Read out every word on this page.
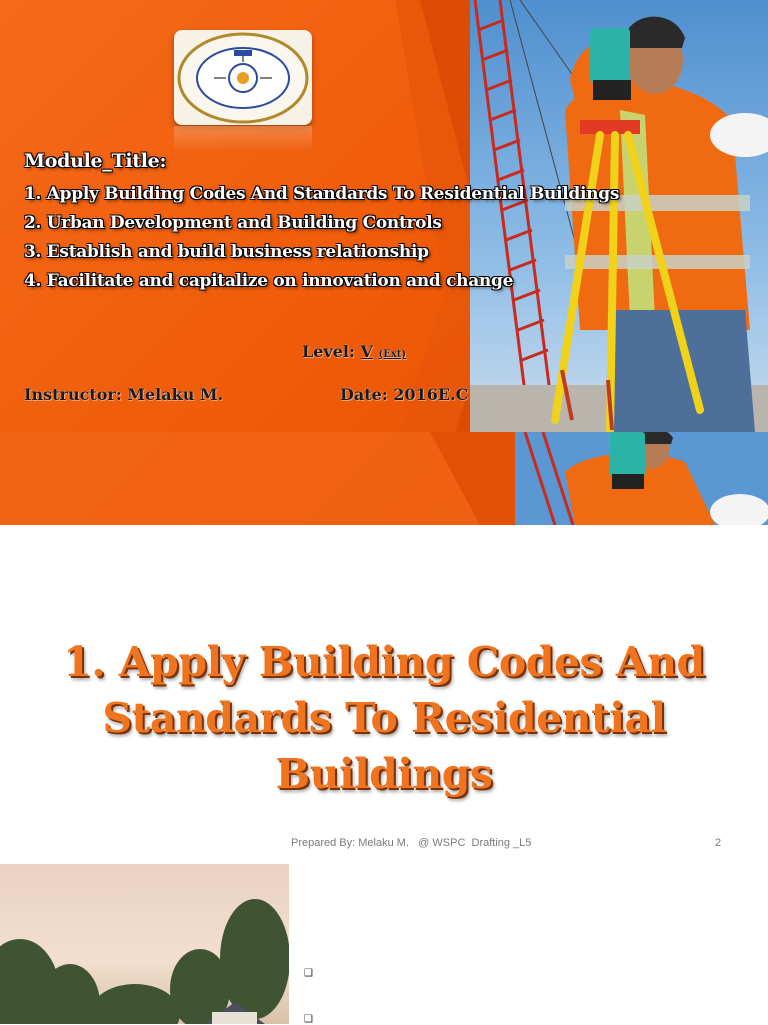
Module_Title:
1. Apply Building Codes And Standards To Residential Buildings
2. Urban Development and Building Controls
3. Establish and build business relationship
4. Facilitate and capitalize on innovation and change
Level: V (Ext)
Instructor: Melaku M.	Date: 2016E.C
1. Apply Building Codes And
Standards To Residential Buildings
Prepared By: Melaku M.   @ WSPC  Drafting _L5	2
❑
❑
